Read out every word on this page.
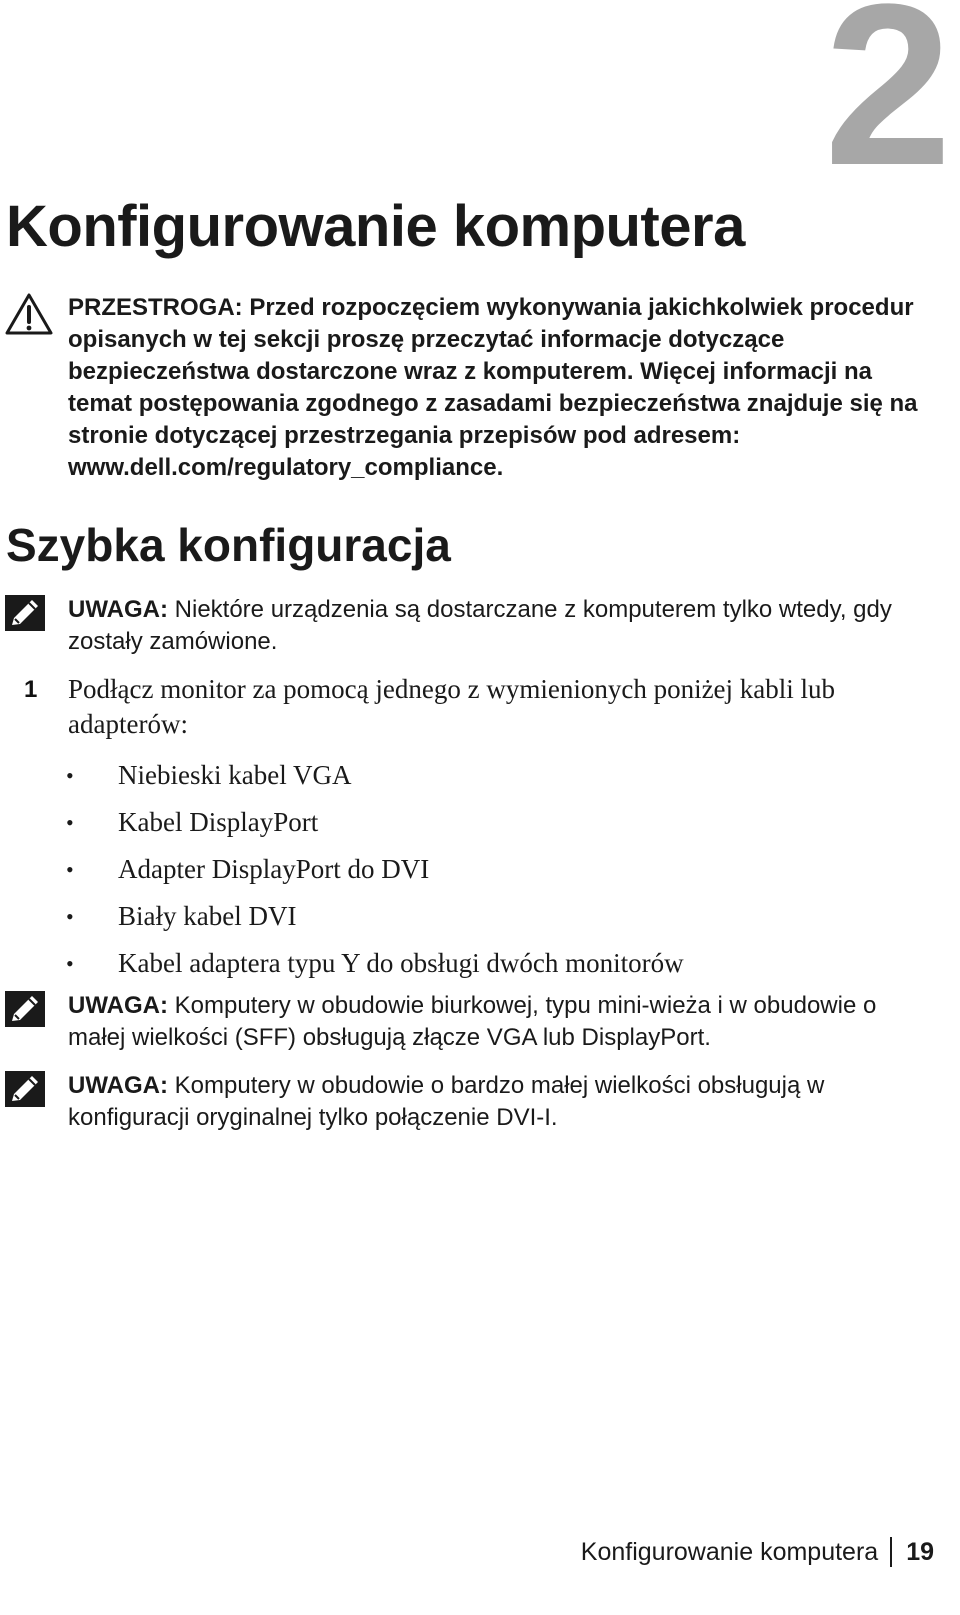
2
Konfigurowanie komputera
PRZESTROGA: Przed rozpoczęciem wykonywania jakichkolwiek procedur opisanych w tej sekcji proszę przeczytać informacje dotyczące bezpieczeństwa dostarczone wraz z komputerem. Więcej informacji na temat postępowania zgodnego z zasadami bezpieczeństwa znajduje się na stronie dotyczącej przestrzegania przepisów pod adresem: www.dell.com/regulatory_compliance.
Szybka konfiguracja
UWAGA: Niektóre urządzenia są dostarczane z komputerem tylko wtedy, gdy zostały zamówione.
1 Podłącz monitor za pomocą jednego z wymienionych poniżej kabli lub adapterów:
• Niebieski kabel VGA
• Kabel DisplayPort
• Adapter DisplayPort do DVI
• Biały kabel DVI
• Kabel adaptera typu Y do obsługi dwóch monitorów
UWAGA: Komputery w obudowie biurkowej, typu mini-wieża i w obudowie o małej wielkości (SFF) obsługują złącze VGA lub DisplayPort.
UWAGA: Komputery w obudowie o bardzo małej wielkości obsługują w konfiguracji oryginalnej tylko połączenie DVI-I.
Konfigurowanie komputera 19
